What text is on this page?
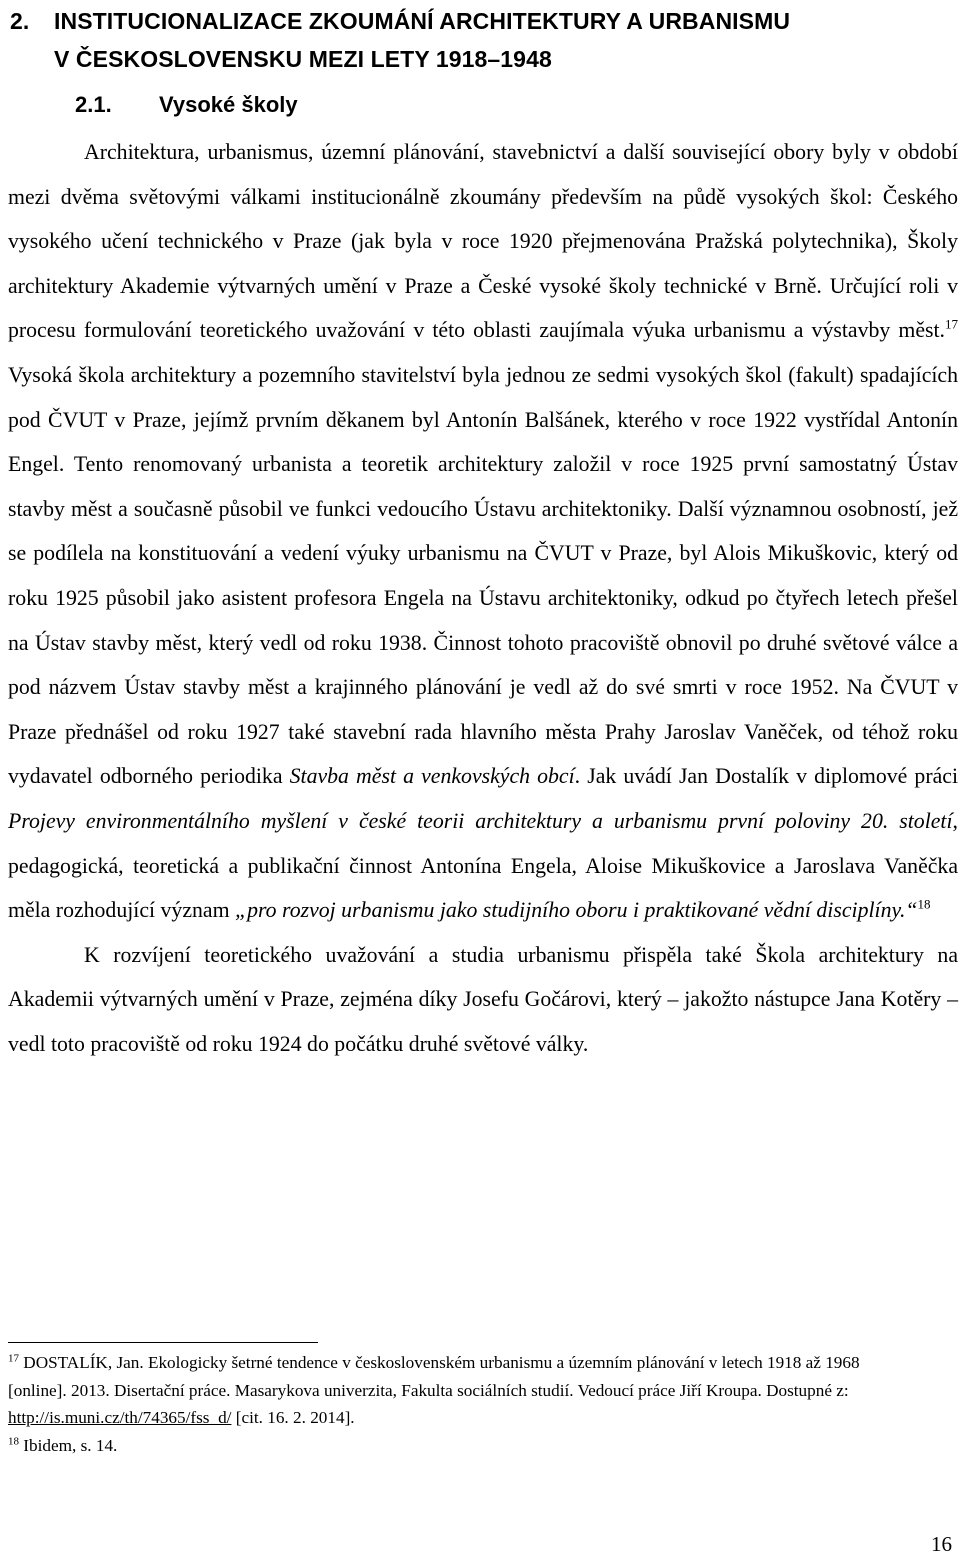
2. INSTITUCIONALIZACE ZKOUMÁNÍ ARCHITEKTURY A URBANISMU
V ČESKOSLOVENSKU MEZI LETY 1918–1948
2.1. Vysoké školy

Architektura, urbanismus, územní plánování, stavebnictví a další související obory byly v období mezi dvěma světovými válkami institucionálně zkoumány především na půdě vysokých škol: Českého vysokého učení technického v Praze (jak byla v roce 1920 přejmenována Pražská polytechnika), Školy architektury Akademie výtvarných umění v Praze a České vysoké školy technické v Brně. Určující roli v procesu formulování teoretického uvažování v této oblasti zaujímala výuka urbanismu a výstavby měst.$^{17}$ Vysoká škola architektury a pozemního stavitelství byla jednou ze sedmi vysokých škol (fakult) spadajících pod ČVUT v Praze, jejímž prvním děkanem byl Antonín Balšánek, kterého v roce 1922 vystřídal Antonín Engel. Tento renomovaný urbanista a teoretik architektury založil v roce 1925 první samostatný Ústav stavby měst a současně působil ve funkci vedoucího Ústavu architektoniky. Další významnou osobností, jež se podílela na konstituování a vedení výuky urbanismu na ČVUT v Praze, byl Alois Mikuškovic, který od roku 1925 působil jako asistent profesora Engela na Ústavu architektoniky, odkud po čtyřech letech přešel na Ústav stavby měst, který vedl od roku 1938. Činnost tohoto pracoviště obnovil po druhé světové válce a pod názvem Ústav stavby měst a krajinného plánování je vedl až do své smrti v roce 1952. Na ČVUT v Praze přednášel od roku 1927 také stavební rada hlavního města Prahy Jaroslav Vaněček, od téhož roku vydavatel odborného periodika Stavba měst a venkovských obcí. Jak uvádí Jan Dostalík v diplomové práci Projevy environmentálního myšlení v české teorii architektury a urbanismu první poloviny 20. století, pedagogická, teoretická a publikační činnost Antonína Engela, Aloise Mikuškovice a Jaroslava Vaněčka měla rozhodující význam „pro rozvoj urbanismu jako studijního oboru i praktikované vědní disciplíny.“$^{18}$

K rozvíjení teoretického uvažování a studia urbanismu přispěla také Škola architektury na Akademii výtvarných umění v Praze, zejména díky Josefu Gočárovi, který – jakožto nástupce Jana Kotěry – vedl toto pracoviště od roku 1924 do počátku druhé světové války.

$^{17}$ DOSTALÍK, Jan. Ekologicky šetrné tendence v československém urbanismu a územním plánování v letech 1918 až 1968 [online]. 2013. Disertační práce. Masarykova univerzita, Fakulta sociálních studií. Vedoucí práce Jiří Kroupa. Dostupné z: http://is.muni.cz/th/74365/fss_d/ [cit. 16. 2. 2014].

$^{18}$ Ibidem, s. 14.

16
